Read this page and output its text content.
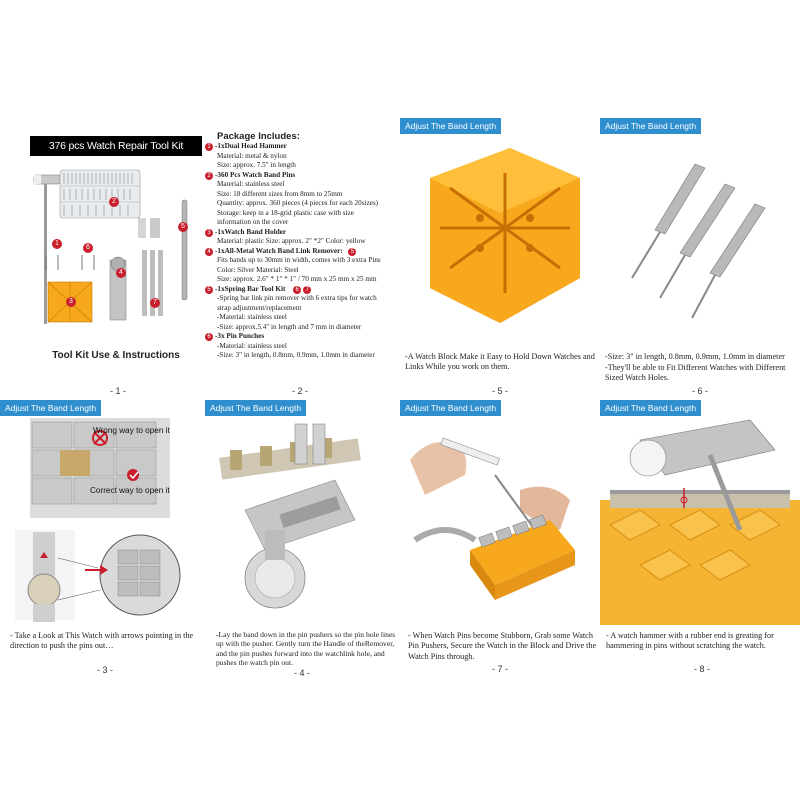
376 pcs Watch Repair Tool Kit
1
2
3
4
5
6
7
Tool Kit Use & Instructions
- 1 -
Package Includes:
1 -1xDual Head Hammer
Material: metal & nylon
Size: approx. 7.5" in length
2 -360 Pcs Watch Band Pins
Material: stainless steel
Size: 18 different sizes from 8mm to 25mm
Quantity: approx. 360 pieces (4 pieces for each 20sizes)
Storage: keep in a 18-grid plastic case with size
information on the cover
3 -1xWatch Band Holder
Material: plastic Size: approx. 2" *2" Color: yellow
4 -1xAll-Metal Watch Band Link Remover: 5
Fits bands up to 30mm in width, comes with 3 extra Pins
Color: Silver Material: Steel
Size: approx. 2.6" * 1" * 1" / 70 mm x 25 mm x 25 mm
5 -1xSpring Bar Tool Kit 6 7
-Spring bar link pin remover with 6 extra tips for watch
strap adjustment/replacement
-Material: stainless steel
-Size: approx.5.4" in length and 7 mm in diameter
6 -3x Pin Punches
-Material: stainless steel
-Size: 3" in length, 0.8mm, 0.9mm, 1.0mm in diameter
- 2 -
Adjust The Band Length
-A Watch Block Make it Easy to Hold Down Watches and Links While you work on them.
- 5 -
Adjust The Band Length
-Size: 3" in length, 0.8mm, 0.9mm, 1.0mm in diameter
-They'll be able to Fit Different Watches with Different Sized Watch Holes.
- 6 -
Adjust The Band Length
Wrong way to open it
Correct way to open it
- Take a Look at This Watch with arrows pointing in the direction to push the pins out…
- 3 -
Adjust The Band Length
-Lay the band down in the pin pushers so the pin hole lines up with the pusher. Gently turn the Handle of theRemover, and the pin pushes forward into the watchlink hole, and pushes the watch pin out.
- 4 -
Adjust The Band Length
- When Watch Pins become Stubborn, Grab some Watch Pin Pushers, Secure the Watch in the Block and Drive the Watch Pins through.
- 7 -
Adjust The Band Length
- A watch hammer with a rubber end is greating for hammering in pins without scratching the watch.
- 8 -
